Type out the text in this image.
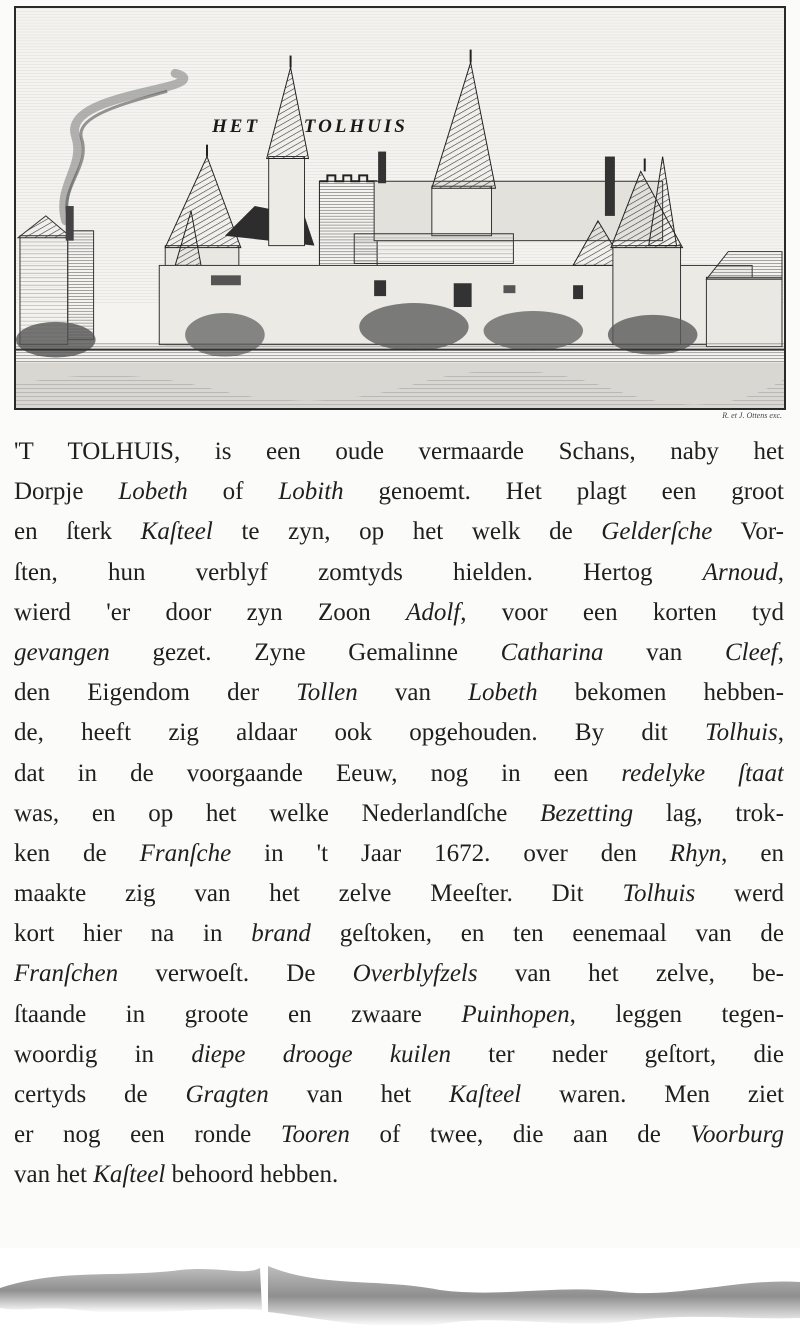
HET TOLHUIS
R. et J. Ottens exc.
'T TOLHUIS, is een oude vermaarde Schans, naby het
Dorpje Lobeth of Lobith genoemt. Het plagt een groot
en ſterk Kaſteel te zyn, op het welk de Gelderſche Vor-
ſten, hun verblyf zomtyds hielden. Hertog Arnoud,
wierd 'er door zyn Zoon Adolf, voor een korten tyd
gevangen gezet. Zyne Gemalinne Catharina van Cleef,
den Eigendom der Tollen van Lobeth bekomen hebben-
de, heeft zig aldaar ook opgehouden. By dit Tolhuis,
dat in de voorgaande Eeuw, nog in een redelyke ſtaat
was, en op het welke Nederlandſche Bezetting lag, trok-
ken de Franſche in 't Jaar 1672. over den Rhyn, en
maakte zig van het zelve Meeſter. Dit Tolhuis werd
kort hier na in brand geſtoken, en ten eenemaal van de
Franſchen verwoeſt. De Overblyfzels van het zelve, be-
ſtaande in groote en zwaare Puinhopen, leggen tegen-
woordig in diepe drooge kuilen ter neder geſtort, die
certyds de Gragten van het Kaſteel waren. Men ziet
er nog een ronde Tooren of twee, die aan de Voorburg
van het Kaſteel behoord hebben.
